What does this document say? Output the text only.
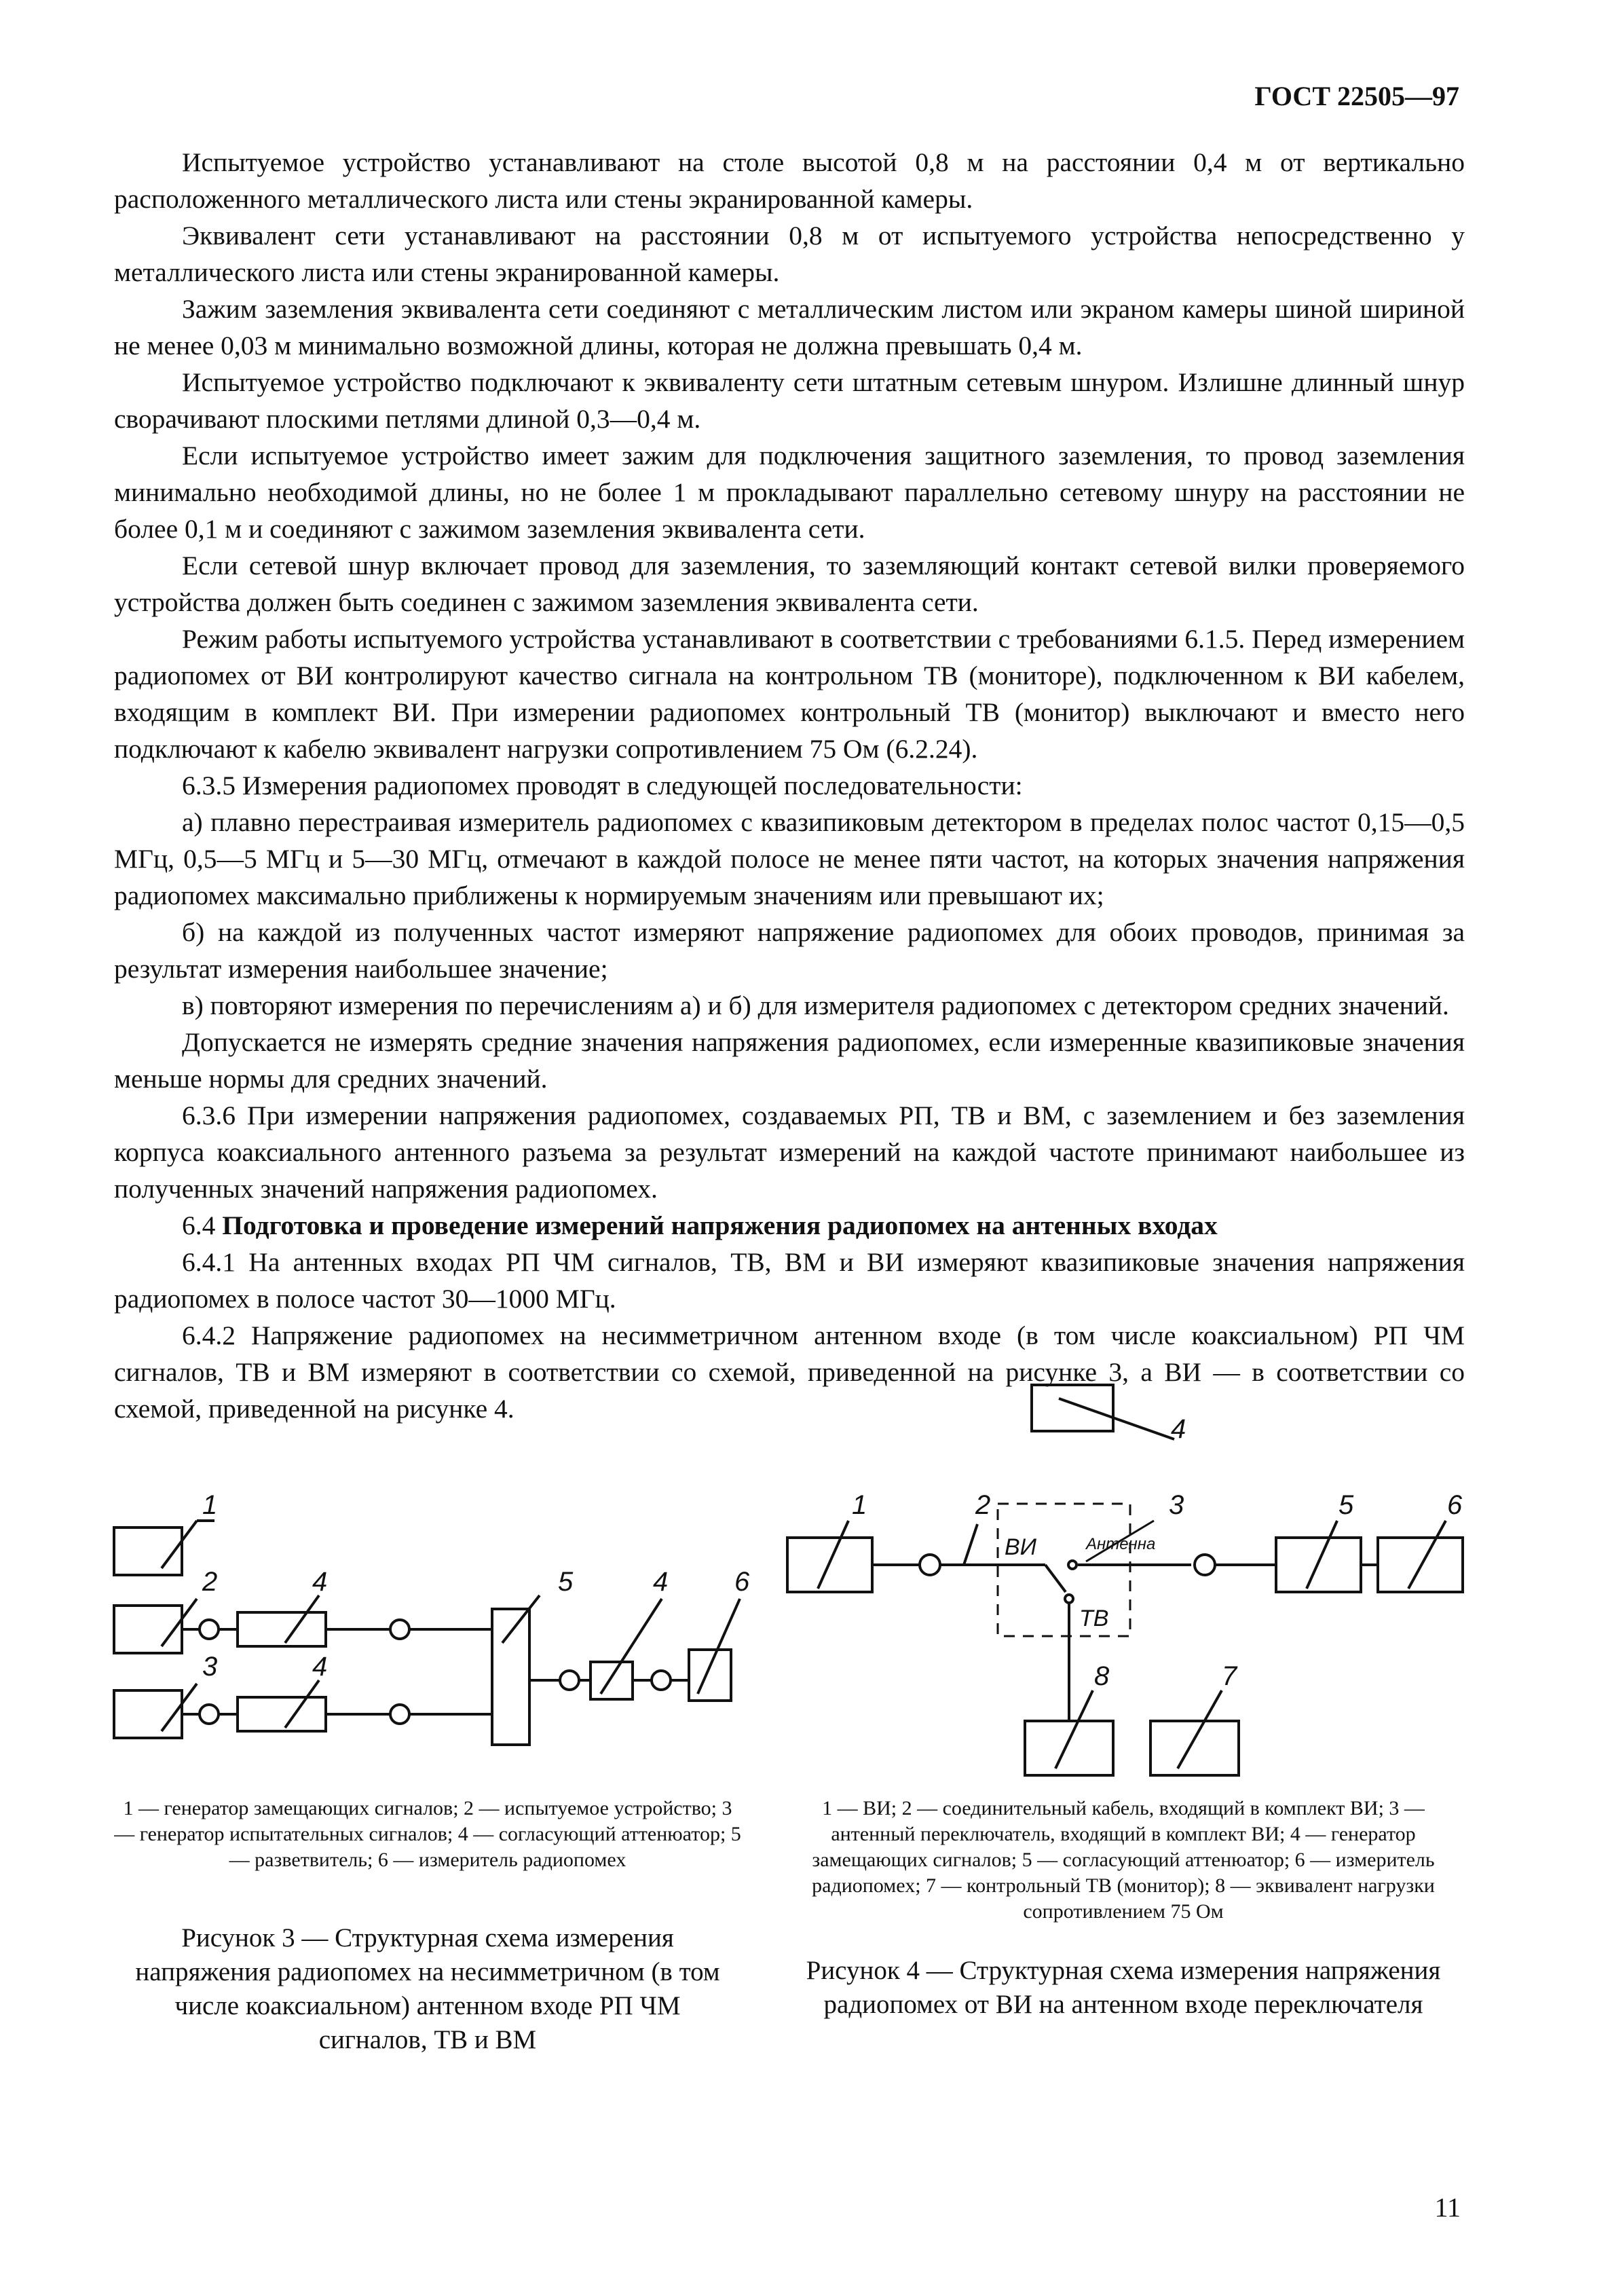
ГОСТ 22505—97

Испытуемое устройство устанавливают на столе высотой 0,8 м на расстоянии 0,4 м от вертикально расположенного металлического листа или стены экранированной камеры.

Эквивалент сети устанавливают на расстоянии 0,8 м от испытуемого устройства непосредственно у металлического листа или стены экранированной камеры.

Зажим заземления эквивалента сети соединяют с металлическим листом или экраном камеры шиной шириной не менее 0,03 м минимально возможной длины, которая не должна превышать 0,4 м.

Испытуемое устройство подключают к эквиваленту сети штатным сетевым шнуром. Излишне длинный шнур сворачивают плоскими петлями длиной 0,3—0,4 м.

Если испытуемое устройство имеет зажим для подключения защитного заземления, то провод заземления минимально необходимой длины, но не более 1 м прокладывают параллельно сетевому шнуру на расстоянии не более 0,1 м и соединяют с зажимом заземления эквивалента сети.

Если сетевой шнур включает провод для заземления, то заземляющий контакт сетевой вилки проверяемого устройства должен быть соединен с зажимом заземления эквивалента сети.

Режим работы испытуемого устройства устанавливают в соответствии с требованиями 6.1.5. Перед измерением радиопомех от ВИ контролируют качество сигнала на контрольном ТВ (мониторе), подключенном к ВИ кабелем, входящим в комплект ВИ. При измерении радиопомех контрольный ТВ (монитор) выключают и вместо него подключают к кабелю эквивалент нагрузки сопротивлением 75 Ом (6.2.24).

6.3.5 Измерения радиопомех проводят в следующей последовательности:

а) плавно перестраивая измеритель радиопомех с квазипиковым детектором в пределах полос частот 0,15—0,5 МГц, 0,5—5 МГц и 5—30 МГц, отмечают в каждой полосе не менее пяти частот, на которых значения напряжения радиопомех максимально приближены к нормируемым значениям или превышают их;

б) на каждой из полученных частот измеряют напряжение радиопомех для обоих проводов, принимая за результат измерения наибольшее значение;

в) повторяют измерения по перечислениям а) и б) для измерителя радиопомех с детектором средних значений.

Допускается не измерять средние значения напряжения радиопомех, если измеренные квазипиковые значения меньше нормы для средних значений.

6.3.6 При измерении напряжения радиопомех, создаваемых РП, ТВ и ВМ, с заземлением и без заземления корпуса коаксиального антенного разъема за результат измерений на каждой частоте принимают наибольшее из полученных значений напряжения радиопомех.

6.4 Подготовка и проведение измерений напряжения радиопомех на антенных входах

6.4.1 На антенных входах РП ЧМ сигналов, ТВ, ВМ и ВИ измеряют квазипиковые значения напряжения радиопомех в полосе частот 30—1000 МГц.

6.4.2 Напряжение радиопомех на несимметричном антенном входе (в том числе коаксиальном) РП ЧМ сигналов, ТВ и ВМ измеряют в соответствии со схемой, приведенной на рисунке 3, а ВИ — в соответствии со схемой, приведенной на рисунке 4.

1
2
3
4
4
5	4 6
1	2	3
4
5	6
7
8
ВИ	Антенна
ТВ
1 — генератор замещающих сигналов; 2 — испытуемое устройство; 3 — генератор испытательных сигналов; 4 — согласующий аттенюатор; 5 — разветвитель; 6 — измеритель радиопомех
Рисунок 3 — Структурная схема измерения напряжения радиопомех на несимметричном (в том числе коаксиальном) антенном входе РП ЧМ сигналов, ТВ и ВМ
1 — ВИ; 2 — соединительный кабель, входящий в комплект ВИ; 3 — антенный переключатель, входящий в комплект ВИ; 4 — генератор замещающих сигналов; 5 — согласующий аттенюатор; 6 — измеритель радиопомех; 7 — контрольный ТВ (монитор); 8 — эквивалент нагрузки сопротивлением 75 Ом
Рисунок 4 — Структурная схема измерения напряжения радиопомех от ВИ на антенном входе переключателя
11
